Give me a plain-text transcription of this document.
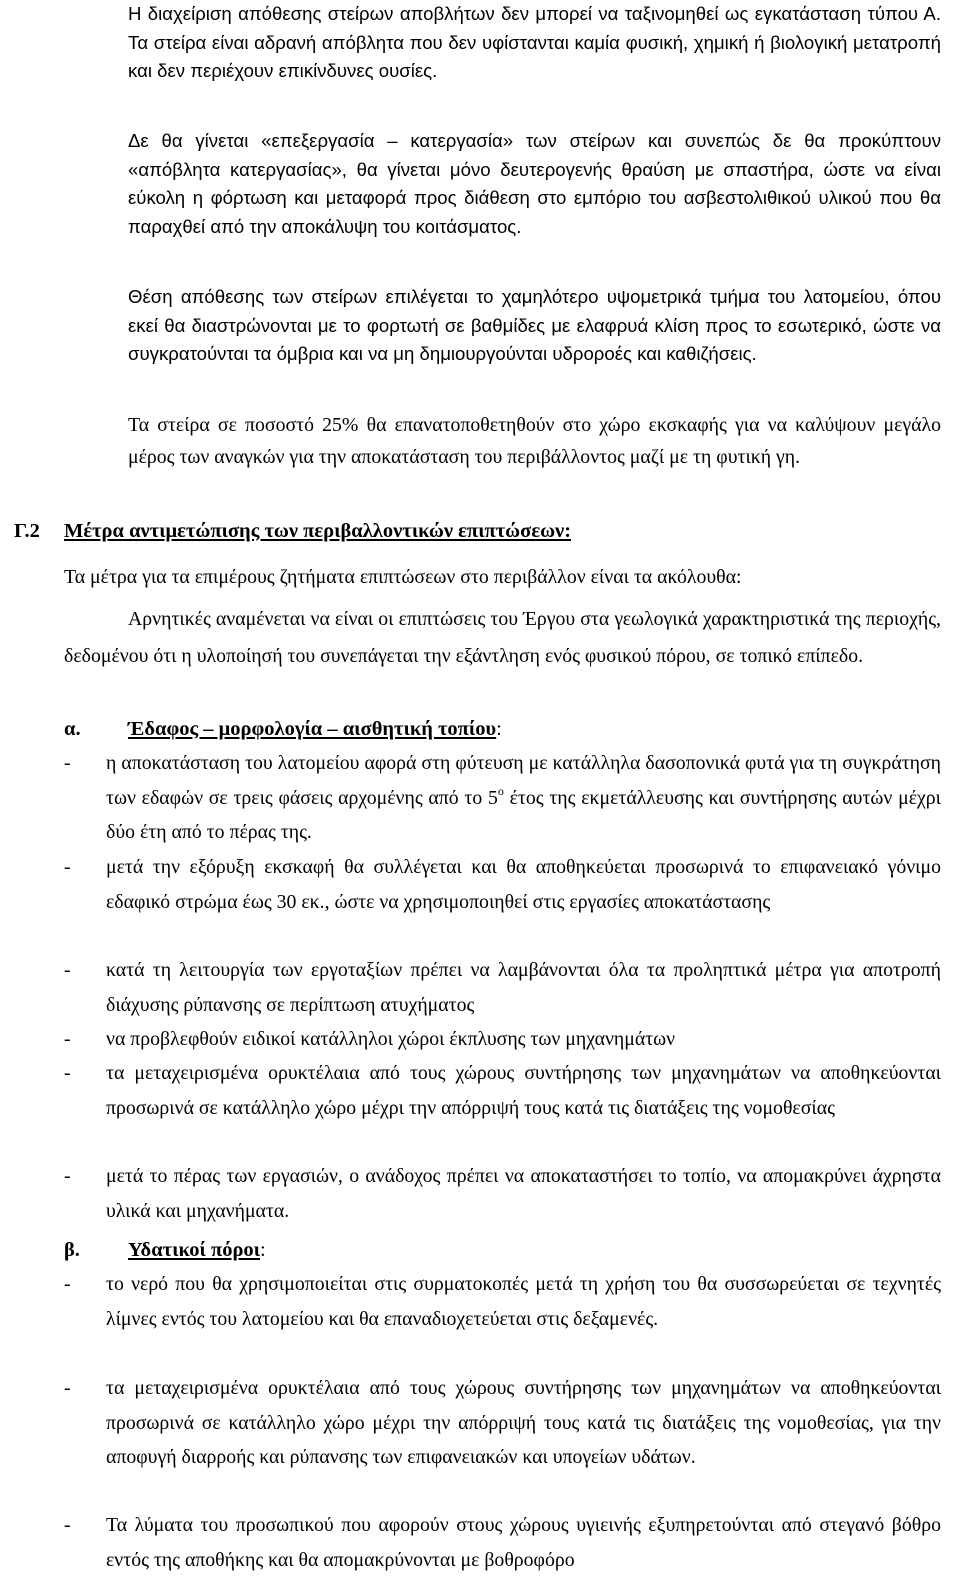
Η διαχείριση απόθεσης στείρων αποβλήτων δεν μπορεί να ταξινομηθεί ως εγκατάσταση τύπου Α. Τα στείρα είναι αδρανή απόβλητα που δεν υφίστανται καμία φυσική, χημική ή βιολογική μετατροπή και δεν περιέχουν επικίνδυνες ουσίες.

Δε θα γίνεται «επεξεργασία – κατεργασία» των στείρων και συνεπώς δε θα προκύπτουν «απόβλητα κατεργασίας», θα γίνεται μόνο δευτερογενής θραύση με σπαστήρα, ώστε να είναι εύκολη η φόρτωση και μεταφορά προς διάθεση στο εμπόριο του ασβεστολιθικού υλικού που θα παραχθεί από την αποκάλυψη του κοιτάσματος.

Θέση απόθεσης των στείρων επιλέγεται το χαμηλότερο υψομετρικά τμήμα του λατομείου, όπου εκεί θα διαστρώνονται με το φορτωτή σε βαθμίδες με ελαφρυά κλίση προς το εσωτερικό, ώστε να συγκρατούνται τα όμβρια και να μη δημιουργούνται υδρορoές και καθιζήσεις.

Τα στείρα σε ποσοστό 25% θα επανατοποθετηθούν στο χώρο εκσκαφής για να καλύψουν μεγάλο μέρος των αναγκών για την αποκατάσταση του περιβάλλοντος μαζί με τη φυτική γη.

Γ.2 Μέτρα αντιμετώπισης των περιβαλλοντικών επιπτώσεων:

Τα μέτρα για τα επιμέρους ζητήματα επιπτώσεων στο περιβάλλον είναι τα ακόλουθα:

Αρνητικές αναμένεται να είναι οι επιπτώσεις του Έργου στα γεωλογικά χαρακτηριστικά της περιοχής, δεδομένου ότι η υλοποίησή του συνεπάγεται την εξάντληση ενός φυσικού πόρου, σε τοπικό επίπεδο.

α. Έδαφος – μορφολογία – αισθητική τοπίου:
- η αποκατάσταση του λατομείου αφορά στη φύτευση με κατάλληλα δασοπονικά φυτά για τη συγκράτηση των εδαφών σε τρεις φάσεις αρχομένης από το $5^o$ έτος της εκμετάλλευσης και συντήρησης αυτών μέχρι δύο έτη από το πέρας της.
- μετά την εξόρυξη εκσκαφή θα συλλέγεται και θα αποθηκεύεται προσωρινά το επιφανειακό γόνιμο εδαφικό στρώμα έως 30 εκ., ώστε να χρησιμοποιηθεί στις εργασίες αποκατάστασης
- κατά τη λειτουργία των εργοταξίων πρέπει να λαμβάνονται όλα τα προληπτικά μέτρα για αποτροπή διάχυσης ρύπανσης σε περίπτωση ατυχήματος
- να προβλεφθούν ειδικοί κατάλληλοι χώροι έκπλυσης των μηχανημάτων
- τα μεταχειρισμένα ορυκτέλαια από τους χώρους συντήρησης των μηχανημάτων να αποθηκεύονται προσωρινά σε κατάλληλο χώρο μέχρι την απόρριψή τους κατά τις διατάξεις της νομοθεσίας
- μετά το πέρας των εργασιών, ο ανάδοχος πρέπει να αποκαταστήσει το τοπίο, να απομακρύνει άχρηστα υλικά και μηχανήματα.
β. Υδατικοί πόροι:
- το νερό που θα χρησιμοποιείται στις συρματοκοπές μετά τη χρήση του θα συσσωρεύεται σε τεχνητές λίμνες εντός του λατομείου και θα επαναδιοχετεύεται στις δεξαμενές.
- τα μεταχειρισμένα ορυκτέλαια από τους χώρους συντήρησης των μηχανημάτων να αποθηκεύονται προσωρινά σε κατάλληλο χώρο μέχρι την απόρριψή τους κατά τις διατάξεις της νομοθεσίας, για την αποφυγή διαρροής και ρύπανσης των επιφανειακών και υπογείων υδάτων.
- Τα λύματα του προσωπικού που αφορούν στους χώρους υγιεινής εξυπηρετούνται από στεγανό βόθρο εντός της αποθήκης και θα απομακρύνονται με βοθροφόρο
